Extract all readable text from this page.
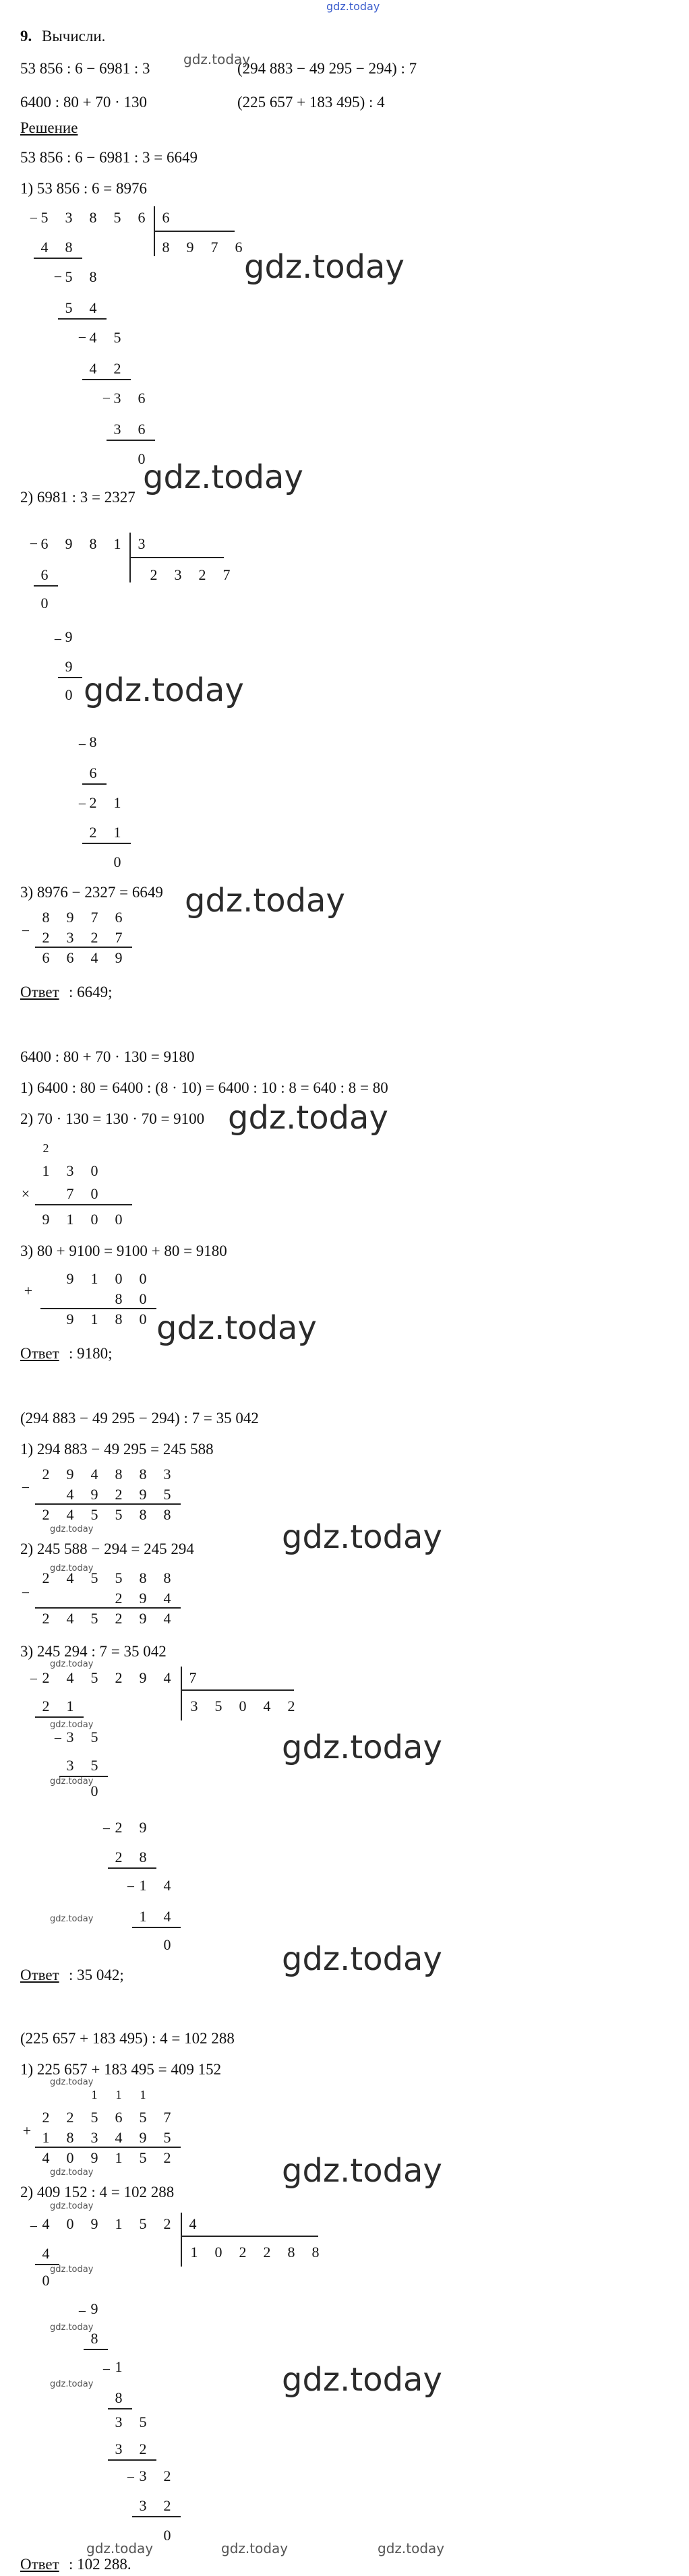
gdz.today
9. Вычисли.
53 856 : 6 − 6981 : 3	(294 883 − 49 295 − 294) : 7
6400 : 80 + 70 · 130	(225 657 + 183 495) : 4
gdz.today
Решение
53 856 : 6 − 6981 : 3 = 6649
1) 53 856 : 6 = 8976
− 5	3	8	5	6	6
8	9	7	6
4	8
− 5	8
5	4
− 4	5
4	2
− 3	6
3	6
0
gdz.today
gdz.today
2) 6981 : 3 = 2327
− 6	9	8	1	3
2	3	2	7
6
0
− 9
9
0
− 8
6
− 2	1
2	1
0
gdz.today
3) 8976 − 2327 = 6649 gdz.today
8	9	7	6
− 2	3	2	7
6	6	4	9
Ответ : 6649;
6400 : 80 + 70 · 130 = 9180
1) 6400 : 80 = 6400 : (8 · 10) = 6400 : 10 : 8 = 640 : 8 = 80
2) 70 · 130 = 130 · 70 = 9100 gdz.today
2
1	3	0
×	7	0
9	1	0	0
3) 80 + 9100 = 9100 + 80 = 9180
9	1	0	0
+	8	0
9	1	8	0 gdz.today
Ответ : 9180;
(294 883 − 49 295 − 294) : 7 = 35 042
1) 294 883 − 49 295 = 245 588
2	9	4	8	8	3
−	4	9	2	9	5
2	4	5	5	8	8
gdz.today	gdz.today
2) 245 588 − 294 = 245 294
2	4	5	5	8	8
−	2	9	4
2	4	5	2	9	4
gdz.today
3) 245 294 : 7 = 35 042
gdz.today
− 2	4	5	2	9	4	7
3	5	0	4	2
2	1
− 3	5
3	5
0
− 2	9
2	8
− 1	4
1	4
0
gdz.today
gdz.today
gdz.today
gdz.today
gdz.today
Ответ : 35 042;
(225 657 + 183 495) : 4 = 102 288
1) 225 657 + 183 495 = 409 152
gdz.today
1	1	1
2	2	5	6	5	7
+ 1	8	3	4	9	5
4	0	9	1	5	2
gdz.today	gdz.today
2) 409 152 : 4 = 102 288
− 4	0	9	1	5	2	4
1	0	2	2	8	8
4
0
− 9
8
− 1
8
3	5
3	2
− 3	2
3	2
0
gdz.today
gdz.today
gdz.today
gdz.today	gdz.today
gdz.today	gdz.today	gdz.today
Ответ : 102 288.
